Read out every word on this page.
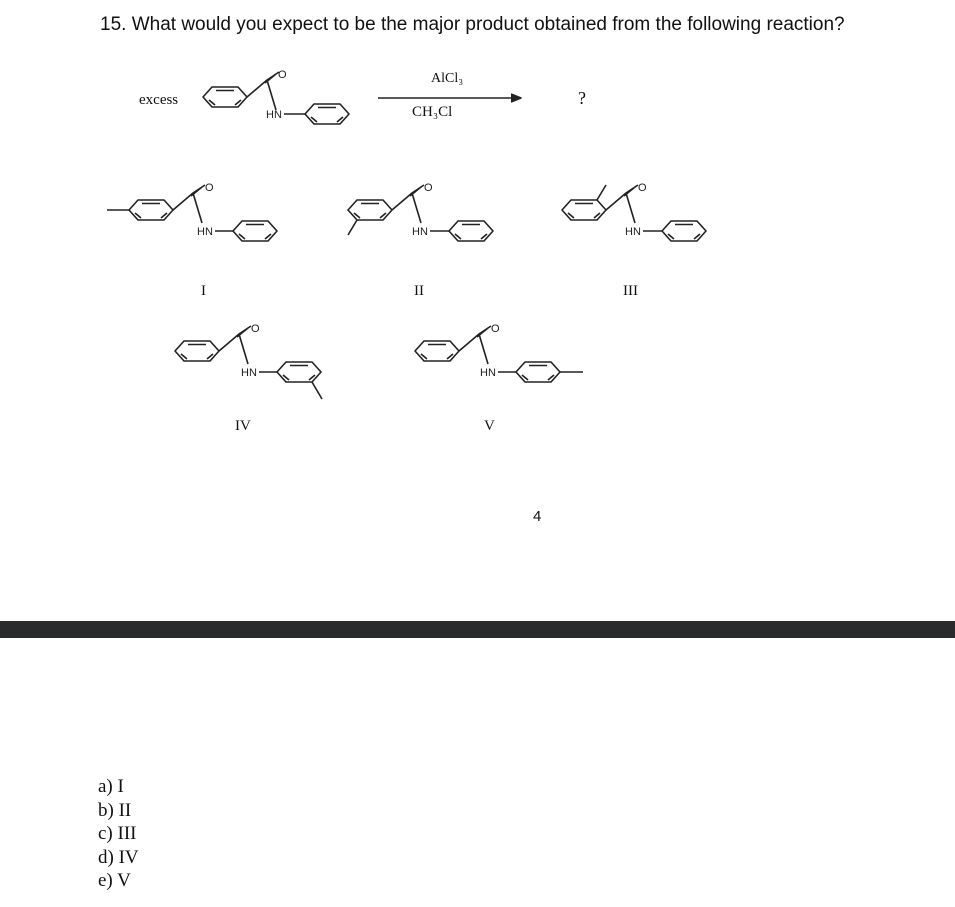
15. What would you expect to be the major product obtained from the following reaction?
excess
O
HN
AlCl₃
CH₃Cl
?
O
HN
O
HN
O
HN
I	II	III
O
HN
O
HN
IV	V
4
a) I
b) II
c) III
d) IV
e) V
